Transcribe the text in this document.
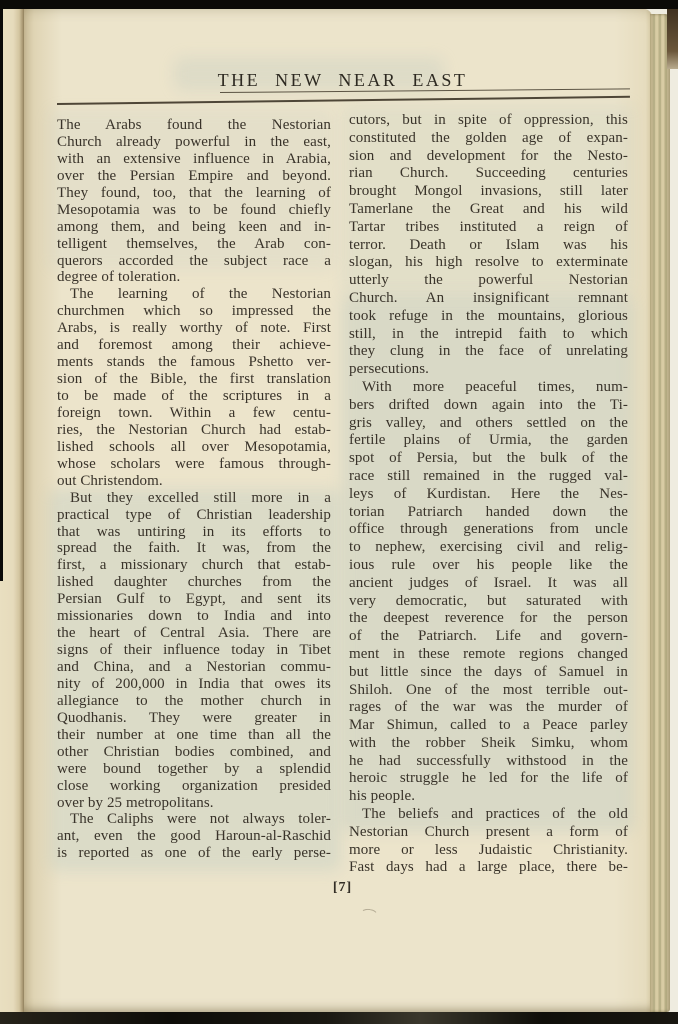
THE NEW NEAR EAST
The Arabs found the Nestorian
Church already powerful in the east,
with an extensive influence in Arabia,
over the Persian Empire and beyond.
They found, too, that the learning of
Mesopotamia was to be found chiefly
among them, and being keen and in-
telligent themselves, the Arab con-
querors accorded the subject race a
degree of toleration.
The learning of the Nestorian
churchmen which so impressed the
Arabs, is really worthy of note. First
and foremost among their achieve-
ments stands the famous Pshetto ver-
sion of the Bible, the first translation
to be made of the scriptures in a
foreign town. Within a few centu-
ries, the Nestorian Church had estab-
lished schools all over Mesopotamia,
whose scholars were famous through-
out Christendom.
But they excelled still more in a
practical type of Christian leadership
that was untiring in its efforts to
spread the faith. It was, from the
first, a missionary church that estab-
lished daughter churches from the
Persian Gulf to Egypt, and sent its
missionaries down to India and into
the heart of Central Asia. There are
signs of their influence today in Tibet
and China, and a Nestorian commu-
nity of 200,000 in India that owes its
allegiance to the mother church in
Quodhanis. They were greater in
their number at one time than all the
other Christian bodies combined, and
were bound together by a splendid
close working organization presided
over by 25 metropolitans.
The Caliphs were not always toler-
ant, even the good Haroun-al-Raschid
is reported as one of the early perse-
cutors, but in spite of oppression, this
constituted the golden age of expan-
sion and development for the Nesto-
rian Church. Succeeding centuries
brought Mongol invasions, still later
Tamerlane the Great and his wild
Tartar tribes instituted a reign of
terror. Death or Islam was his
slogan, his high resolve to exterminate
utterly the powerful Nestorian
Church. An insignificant remnant
took refuge in the mountains, glorious
still, in the intrepid faith to which
they clung in the face of unrelating
persecutions.
With more peaceful times, num-
bers drifted down again into the Ti-
gris valley, and others settled on the
fertile plains of Urmia, the garden
spot of Persia, but the bulk of the
race still remained in the rugged val-
leys of Kurdistan. Here the Nes-
torian Patriarch handed down the
office through generations from uncle
to nephew, exercising civil and relig-
ious rule over his people like the
ancient judges of Israel. It was all
very democratic, but saturated with
the deepest reverence for the person
of the Patriarch. Life and govern-
ment in these remote regions changed
but little since the days of Samuel in
Shiloh. One of the most terrible out-
rages of the war was the murder of
Mar Shimun, called to a Peace parley
with the robber Sheik Simku, whom
he had successfully withstood in the
heroic struggle he led for the life of
his people.
The beliefs and practices of the old
Nestorian Church present a form of
more or less Judaistic Christianity.
Fast days had a large place, there be-
[7]
